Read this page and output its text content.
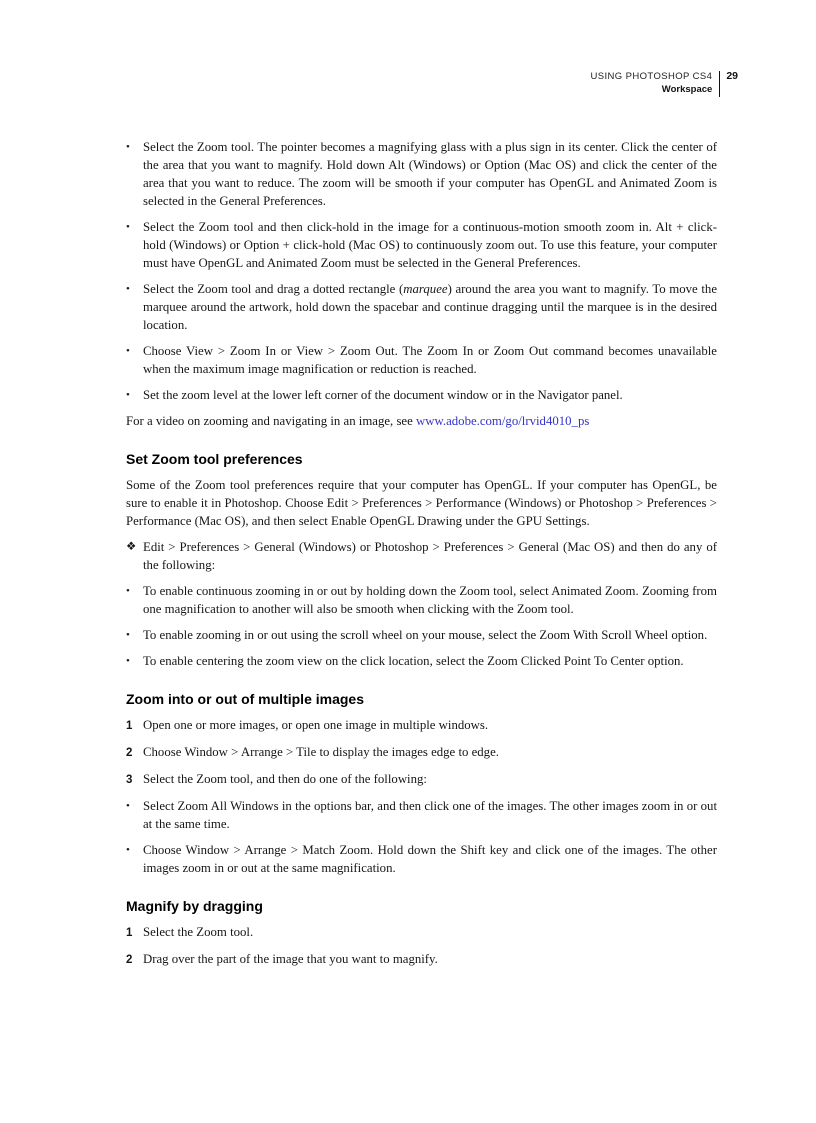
USING PHOTOSHOP CS4
Workspace
29
•	Select the Zoom tool. The pointer becomes a magnifying glass with a plus sign in its center. Click the center of the area that you want to magnify. Hold down Alt (Windows) or Option (Mac OS) and click the center of the area that you want to reduce. The zoom will be smooth if your computer has OpenGL and Animated Zoom is selected in the General Preferences.
•	Select the Zoom tool and then click-hold in the image for a continuous-motion smooth zoom in. Alt + click-hold (Windows) or Option + click-hold (Mac OS) to continuously zoom out. To use this feature, your computer must have OpenGL and Animated Zoom must be selected in the General Preferences.
•	Select the Zoom tool and drag a dotted rectangle (marquee) around the area you want to magnify. To move the marquee around the artwork, hold down the spacebar and continue dragging until the marquee is in the desired location.
•	Choose View > Zoom In or View > Zoom Out. The Zoom In or Zoom Out command becomes unavailable when the maximum image magnification or reduction is reached.
•	Set the zoom level at the lower left corner of the document window or in the Navigator panel.

For a video on zooming and navigating in an image, see www.adobe.com/go/lrvid4010_ps

Set Zoom tool preferences

Some of the Zoom tool preferences require that your computer has OpenGL. If your computer has OpenGL, be sure to enable it in Photoshop. Choose Edit > Preferences > Performance (Windows) or Photoshop > Preferences > Performance (Mac OS), and then select Enable OpenGL Drawing under the GPU Settings.

❖ Edit > Preferences > General (Windows) or Photoshop > Preferences > General (Mac OS) and then do any of the following:
•	To enable continuous zooming in or out by holding down the Zoom tool, select Animated Zoom. Zooming from one magnification to another will also be smooth when clicking with the Zoom tool.
•	To enable zooming in or out using the scroll wheel on your mouse, select the Zoom With Scroll Wheel option.
•	To enable centering the zoom view on the click location, select the Zoom Clicked Point To Center option.
Zoom into or out of multiple images
1 Open one or more images, or open one image in multiple windows.
2 Choose Window > Arrange > Tile to display the images edge to edge.
3 Select the Zoom tool, and then do one of the following:
•	Select Zoom All Windows in the options bar, and then click one of the images. The other images zoom in or out at the same time.
•	Choose Window > Arrange > Match Zoom. Hold down the Shift key and click one of the images. The other images zoom in or out at the same magnification.
Magnify by dragging
1 Select the Zoom tool.
2 Drag over the part of the image that you want to magnify.
